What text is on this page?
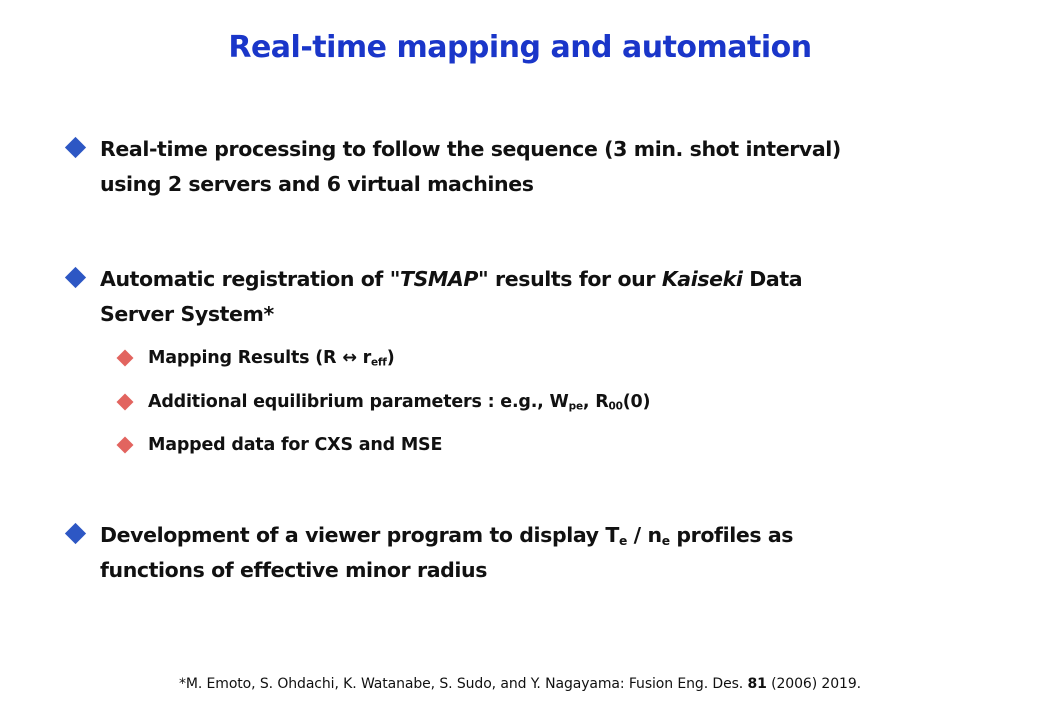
Real-time mapping and automation
Real-time processing to follow the sequence (3 min. shot interval)
using 2 servers and 6 virtual machines
Automatic registration of "TSMAP" results for our Kaiseki Data
Server System*
Mapping Results (R ↔ $r_{eff}$)
Additional equilibrium parameters : e.g., $W_{pe}$, $R_{00}(0)$
Mapped data for CXS and MSE
Development of a viewer program to display $T_e / n_e$ profiles as
functions of effective minor radius
*M. Emoto, S. Ohdachi, K. Watanabe, S. Sudo, and Y. Nagayama: Fusion Eng. Des. 81 (2006) 2019.
